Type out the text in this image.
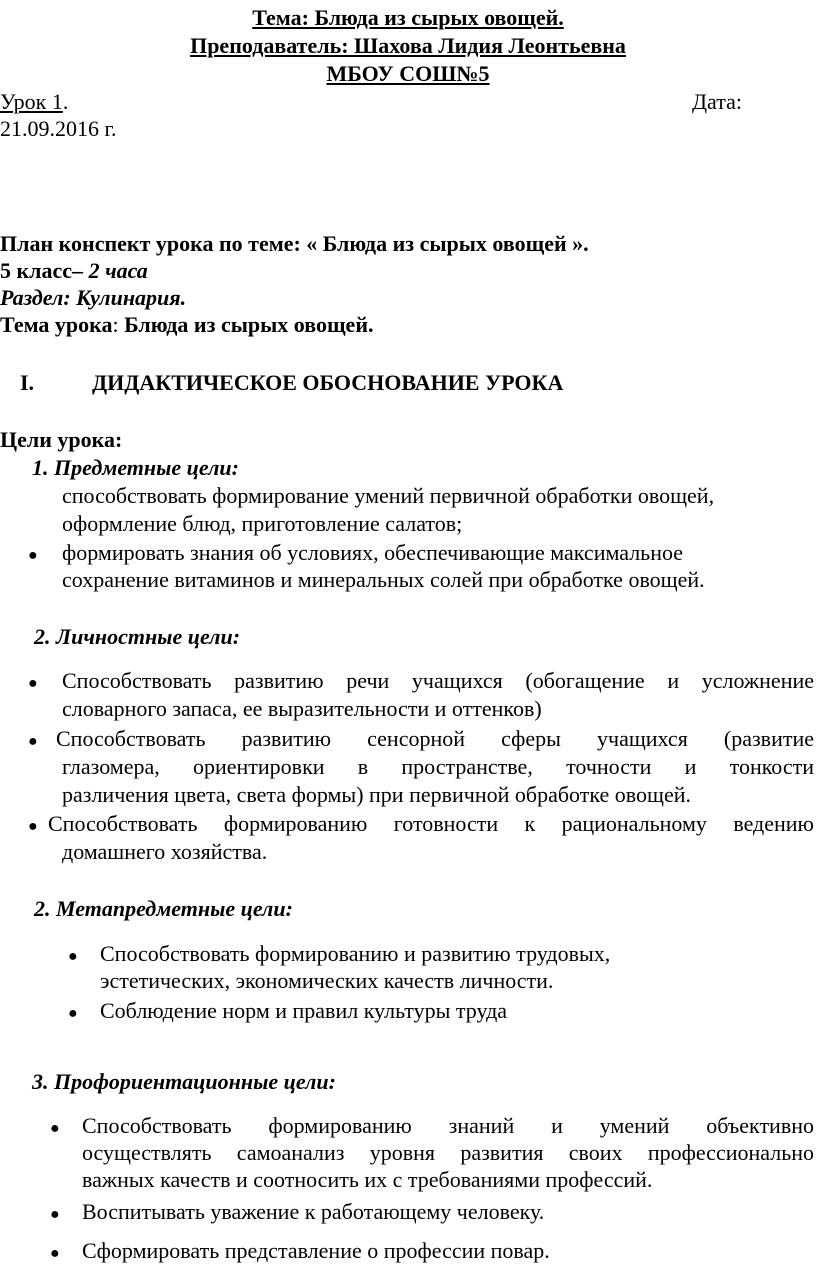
Тема: Блюда из сырых овощей.
Преподаватель: Шахова Лидия Леонтьевна
МБОУ СОШ№5
Урок 1.	Дата:
21.09.2016 г.
План конспект урока по теме: « Блюда из сырых овощей ».
5 класс– 2 часа
Раздел: Кулинария.
Тема урока: Блюда из сырых овощей.
I.	ДИДАКТИЧЕСКОЕ ОБОСНОВАНИЕ УРОКА
Цели урока:
1. Предметные цели:
способствовать формирование умений первичной обработки овощей,
оформление блюд, приготовление салатов;
● формировать знания об условиях, обеспечивающие максимальное
сохранение витаминов и минеральных солей при обработке овощей.
2. Личностные цели:
● Способствовать развитию речи учащихся (обогащение и усложнение
словарного запаса, ее выразительности и оттенков)
● Способствовать развитию сенсорной сферы учащихся (развитие
глазомера, ориентировки в пространстве, точности и тонкости
различения цвета, света формы) при первичной обработке овощей.
● Способствовать формированию готовности к рациональному ведению
домашнего хозяйства.
2. Метапредметные цели:
● Способствовать формированию и развитию трудовых,
эстетических, экономических качеств личности.
● Соблюдение норм и правил культуры труда
3. Профориентационные цели:
● Способствовать формированию знаний и умений объективно
осуществлять самоанализ уровня развития своих профессионально
важных качеств и соотносить их с требованиями профессий.
● Воспитывать уважение к работающему человеку.
● Сформировать представление о профессии повар.
